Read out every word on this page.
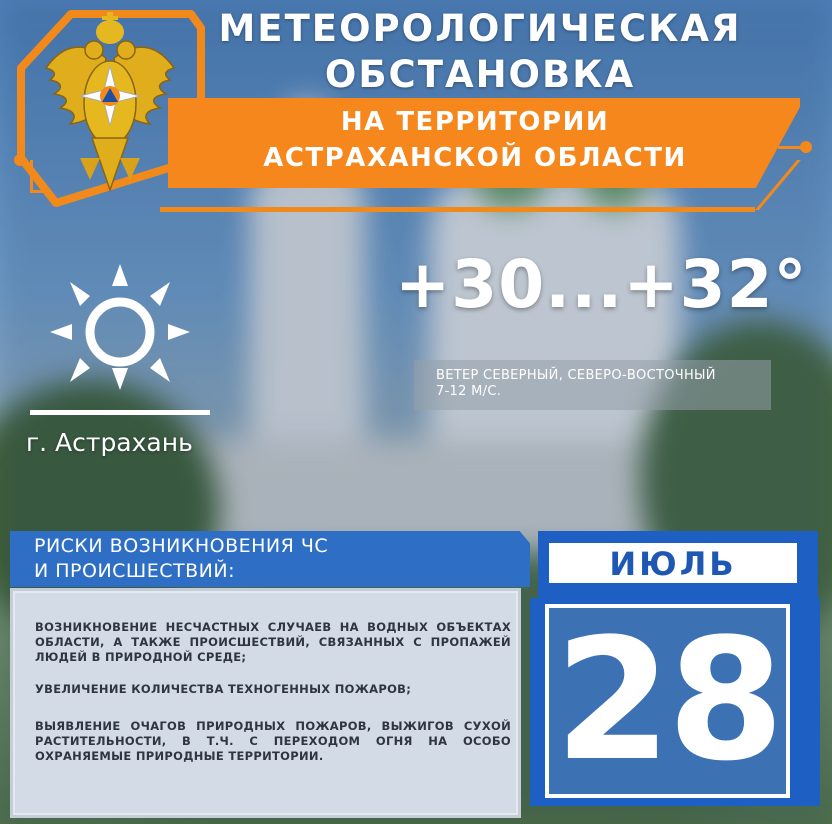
МЕТЕОРОЛОГИЧЕСКАЯ
ОБСТАНОВКА
НА ТЕРРИТОРИИ
АСТРАХАНСКОЙ ОБЛАСТИ
г. Астрахань
+30...+32°
ВЕТЕР СЕВЕРНЫЙ, СЕВЕРО-ВОСТОЧНЫЙ
7-12 М/С.
РИСКИ ВОЗНИКНОВЕНИЯ ЧС
И ПРОИСШЕСТВИЙ:

ВОЗНИКНОВЕНИЕ НЕСЧАСТНЫХ СЛУЧАЕВ НА ВОДНЫХ ОБЪЕКТАХ ОБЛАСТИ, А ТАКЖЕ ПРОИСШЕСТВИЙ, СВЯЗАННЫХ С ПРОПАЖЕЙ ЛЮДЕЙ В ПРИРОДНОЙ СРЕДЕ;

УВЕЛИЧЕНИЕ КОЛИЧЕСТВА ТЕХНОГЕННЫХ ПОЖАРОВ;

ВЫЯВЛЕНИЕ ОЧАГОВ ПРИРОДНЫХ ПОЖАРОВ, ВЫЖИГОВ СУХОЙ РАСТИТЕЛЬНОСТИ, В Т.Ч. С ПЕРЕХОДОМ ОГНЯ НА ОСОБО ОХРАНЯЕМЫЕ ПРИРОДНЫЕ ТЕРРИТОРИИ.

ИЮЛЬ
28
